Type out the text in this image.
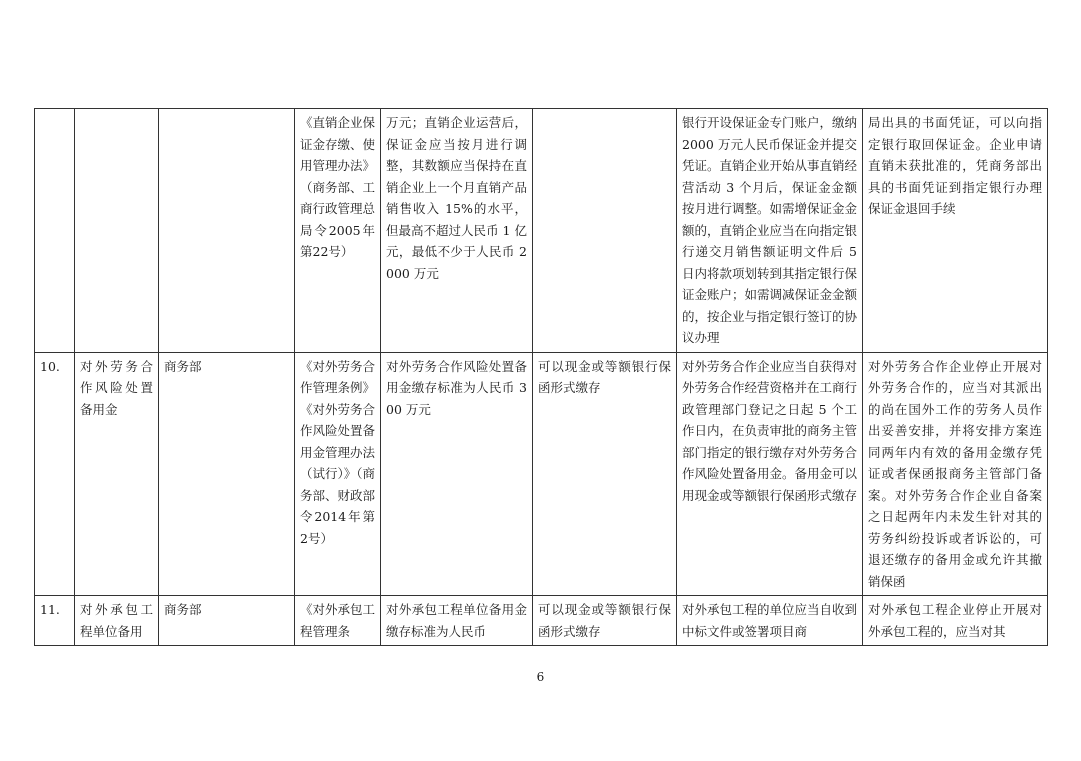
			《直销企业保证金存缴、使用管理办法》（商务部、工商行政管理总局令2005年第22号）	万元；直销企业运营后，保证金应当按月进行调整，其数额应当保持在直销企业上一个月直销产品销售收入 15%的水平，但最高不超过人民币 1 亿元，最低不少于人民币 2000 万元		银行开设保证金专门账户，缴纳 2000 万元人民币保证金并提交凭证。直销企业开始从事直销经营活动 3 个月后，保证金金额按月进行调整。如需增保证金金额的，直销企业应当在向指定银行递交月销售额证明文件后 5 日内将款项划转到其指定银行保证金账户；如需调减保证金金额的，按企业与指定银行签订的协议办理	局出具的书面凭证，可以向指定银行取回保证金。企业申请直销未获批准的，凭商务部出具的书面凭证到指定银行办理保证金退回手续
10.	对外劳务合作风险处置备用金	商务部	《对外劳务合作管理条例》《对外劳务合作风险处置备用金管理办法（试行）》（商务部、财政部令2014年第2号）	对外劳务合作风险处置备用金缴存标准为人民币 300 万元	可以现金或等额银行保函形式缴存	对外劳务合作企业应当自获得对外劳务合作经营资格并在工商行政管理部门登记之日起 5 个工作日内，在负责审批的商务主管部门指定的银行缴存对外劳务合作风险处置备用金。备用金可以用现金或等额银行保函形式缴存	对外劳务合作企业停止开展对外劳务合作的，应当对其派出的尚在国外工作的劳务人员作出妥善安排，并将安排方案连同两年内有效的备用金缴存凭证或者保函报商务主管部门备案。对外劳务合作企业自备案之日起两年内未发生针对其的劳务纠纷投诉或者诉讼的，可退还缴存的备用金或允许其撤销保函
11.	对外承包工程单位备用	商务部	《对外承包工程管理条	对外承包工程单位备用金缴存标准为人民币	可以现金或等额银行保函形式缴存	对外承包工程的单位应当自收到中标文件或签署项目商	对外承包工程企业停止开展对外承包工程的，应当对其
6
